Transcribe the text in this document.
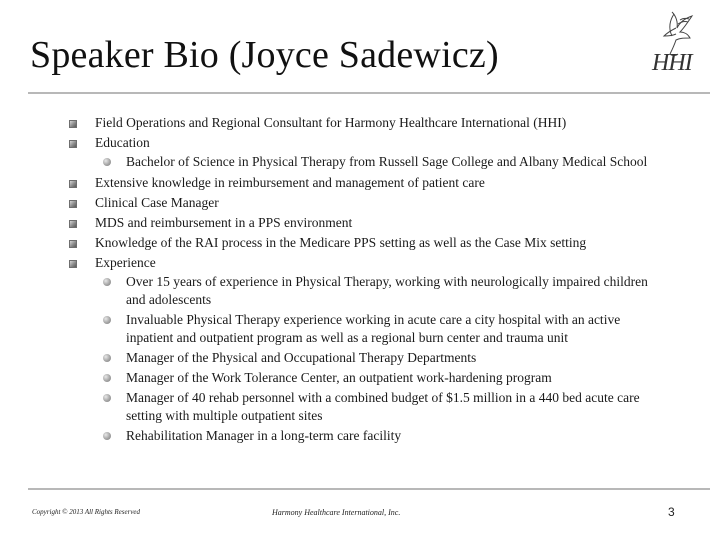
Speaker Bio (Joyce Sadewicz)	HHI
Field Operations and Regional Consultant for Harmony Healthcare International (HHI)
Education
Bachelor of Science in Physical Therapy from Russell Sage College and Albany Medical School
Extensive knowledge in reimbursement and management of patient care
Clinical Case Manager
MDS and reimbursement in a PPS environment
Knowledge of the RAI process in the Medicare PPS setting as well as the Case Mix setting
Experience
Over 15 years of experience in Physical Therapy, working with neurologically impaired children and adolescents
Invaluable Physical Therapy experience working in acute care a city hospital with an active inpatient and outpatient program as well as a regional burn center and trauma unit
Manager of the Physical and Occupational Therapy Departments
Manager of the Work Tolerance Center, an outpatient work-hardening program
Manager of 40 rehab personnel with a combined budget of $1.5 million in a 440 bed acute care setting with multiple outpatient sites
Rehabilitation Manager in a long-term care facility
Copyright © 2013 All Rights Reserved	Harmony Healthcare International, Inc.	3
